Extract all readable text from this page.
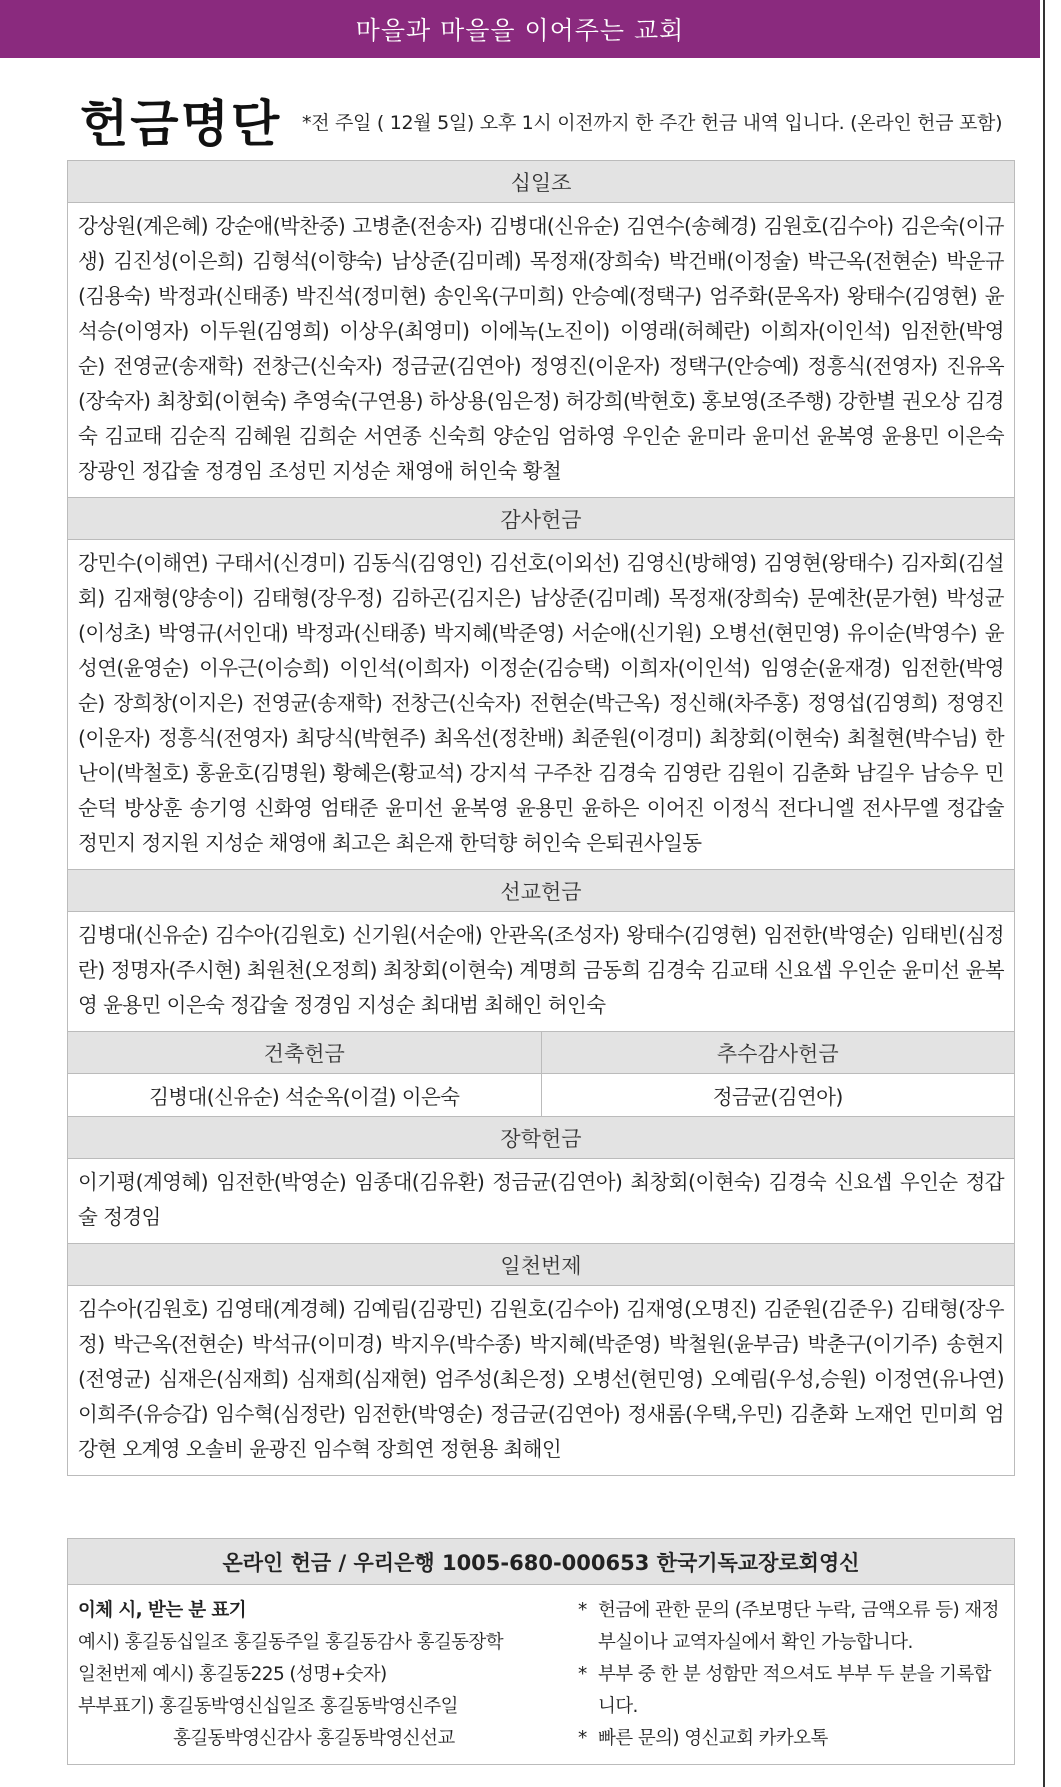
마을과 마을을 이어주는 교회
헌금명단 *전 주일 ( 12월 5일) 오후 1시 이전까지 한 주간 헌금 내역 입니다. (온라인 헌금 포함)
십일조
강상원(계은혜) 강순애(박찬중) 고병춘(전송자) 김병대(신유순) 김연수(송혜경) 김원호(김수아) 김은숙(이규생) 김진성(이은희) 김형석(이향숙) 남상준(김미례) 목정재(장희숙) 박건배(이정술) 박근옥(전현순) 박운규(김용숙) 박정과(신태종) 박진석(정미현) 송인옥(구미희) 안승예(정택구) 엄주화(문옥자) 왕태수(김영현) 윤석승(이영자) 이두원(김영희) 이상우(최영미) 이에녹(노진이) 이영래(허혜란) 이희자(이인석) 임전한(박영순) 전영균(송재학) 전창근(신숙자) 정금균(김연아) 정영진(이운자) 정택구(안승예) 정흥식(전영자) 진유옥(장숙자) 최창회(이현숙) 추영숙(구연용) 하상용(임은정) 허강희(박현호) 홍보영(조주행) 강한별 권오상 김경숙 김교태 김순직 김혜원 김희순 서연종 신숙희 양순임 엄하영 우인순 윤미라 윤미선 윤복영 윤용민 이은숙 장광인 정갑술 정경임 조성민 지성순 채영애 허인숙 황철
감사헌금
강민수(이해연) 구태서(신경미) 김동식(김영인) 김선호(이외선) 김영신(방해영) 김영현(왕태수) 김자회(김설회) 김재형(양송이) 김태형(장우정) 김하곤(김지은) 남상준(김미례) 목정재(장희숙) 문예찬(문가현) 박성균(이성초) 박영규(서인대) 박정과(신태종) 박지혜(박준영) 서순애(신기원) 오병선(현민영) 유이순(박영수) 윤성연(윤영순) 이우근(이승희) 이인석(이희자) 이정순(김승택) 이희자(이인석) 임영순(윤재경) 임전한(박영순) 장희창(이지은) 전영균(송재학) 전창근(신숙자) 전현순(박근옥) 정신해(차주홍) 정영섭(김영희) 정영진(이운자) 정흥식(전영자) 최당식(박현주) 최옥선(정찬배) 최준원(이경미) 최창회(이현숙) 최철현(박수님) 한난이(박철호) 홍윤호(김명원) 황혜은(황교석) 강지석 구주찬 김경숙 김영란 김원이 김춘화 남길우 남승우 민순덕 방상훈 송기영 신화영 엄태준 윤미선 윤복영 윤용민 윤하은 이어진 이정식 전다니엘 전사무엘 정갑술 정민지 정지원 지성순 채영애 최고은 최은재 한덕향 허인숙 은퇴권사일동
선교헌금
김병대(신유순) 김수아(김원호) 신기원(서순애) 안관옥(조성자) 왕태수(김영현) 임전한(박영순) 임태빈(심정란) 정명자(주시현) 최원천(오정희) 최창회(이현숙) 계명희 금동희 김경숙 김교태 신요셉 우인순 윤미선 윤복영 윤용민 이은숙 정갑술 정경임 지성순 최대범 최해인 허인숙
건축헌금
김병대(신유순) 석순옥(이걸) 이은숙
추수감사헌금
정금균(김연아)
장학헌금
이기평(계영혜) 임전한(박영순) 임종대(김유환) 정금균(김연아) 최창회(이현숙) 김경숙 신요셉 우인순 정갑술 정경임
일천번제
김수아(김원호) 김영태(계경혜) 김예림(김광민) 김원호(김수아) 김재영(오명진) 김준원(김준우) 김태형(장우정) 박근옥(전현순) 박석규(이미경) 박지우(박수종) 박지혜(박준영) 박철원(윤부금) 박춘구(이기주) 송현지(전영균) 심재은(심재희) 심재희(심재현) 엄주성(최은정) 오병선(현민영) 오예림(우성,승원) 이정연(유나연) 이희주(유승갑) 임수혁(심정란) 임전한(박영순) 정금균(김연아) 정새롬(우택,우민) 김춘화 노재언 민미희 엄강현 오계영 오솔비 윤광진 임수혁 장희연 정현용 최해인
온라인 헌금 / 우리은행 1005-680-000653 한국기독교장로회영신
이체 시, 받는 분 표기
예시) 홍길동십일조 홍길동주일 홍길동감사 홍길동장학
일천번제 예시) 홍길동225 (성명+숫자)
부부표기) 홍길동박영신십일조 홍길동박영신주일
홍길동박영신감사 홍길동박영신선교
* 헌금에 관한 문의 (주보명단 누락, 금액오류 등) 재정부실이나 교역자실에서 확인 가능합니다.
* 부부 중 한 분 성함만 적으셔도 부부 두 분을 기록합니다.
* 빠른 문의) 영신교회 카카오톡
